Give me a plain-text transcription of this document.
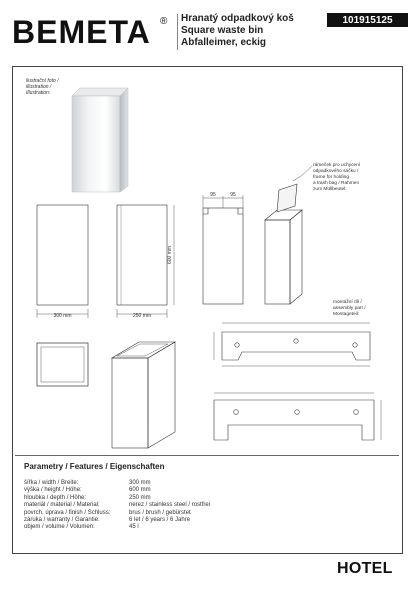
BEMETA ® Hranatý odpadkový koš
Square waste bin
Abfalleimer, eckig
101915125
ilustrační foto /
illustration /
Illustration:
300 mm	250 mm
600 mm
95	95
rámeček pro uchycení
odpadkového sáčku /
frame for holding
a trash bag / Rahmen
zum Müllbeutel:
montážní díl /
assembly part /
Montageteil:
Parametry / Features / Eigenschaften
šířka / width / Breite:	300 mm
výška / height / Höhe:	600 mm
hloubka / depth / Höhe:	250 mm
materiál / material / Material:	nerez / stainless steel / rostfrei
povrch. úprava / finish / Schluss:	brus / brush / gebürstet
záruka / warranty / Garantie:	6 let / 6 years / 6 Jahre
objem / volume / Volumen:	45 l
HOTEL
